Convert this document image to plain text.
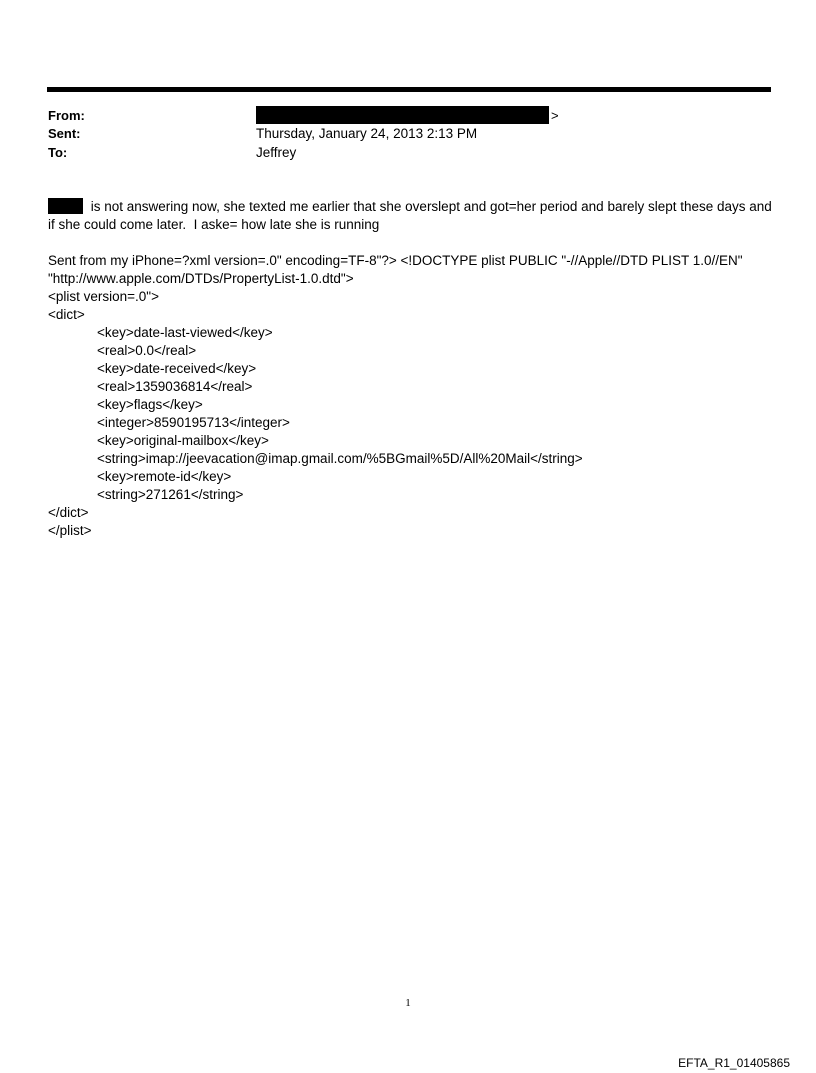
From:	>
Sent:	Thursday, January 24, 2013 2:13 PM
To:	Jeffrey
is not answering now, she texted me earlier that she overslept and got=her period and barely slept these days and
if she could come later.  I aske= how late she is running
Sent from my iPhone=?xml version=.0" encoding=TF-8"?> <!DOCTYPE plist PUBLIC "-//Apple//DTD PLIST 1.0//EN"
"http://www.apple.com/DTDs/PropertyList-1.0.dtd">
<plist version=.0">
<dict>
<key>date-last-viewed</key>
<real>0.0</real>
<key>date-received</key>
<real>1359036814</real>
<key>flags</key>
<integer>8590195713</integer>
<key>original-mailbox</key>
<string>imap://jeevacation@imap.gmail.com/%5BGmail%5D/All%20Mail</string>
<key>remote-id</key>
<string>271261</string>
</dict>
</plist>
1
EFTA_R1_01405865
